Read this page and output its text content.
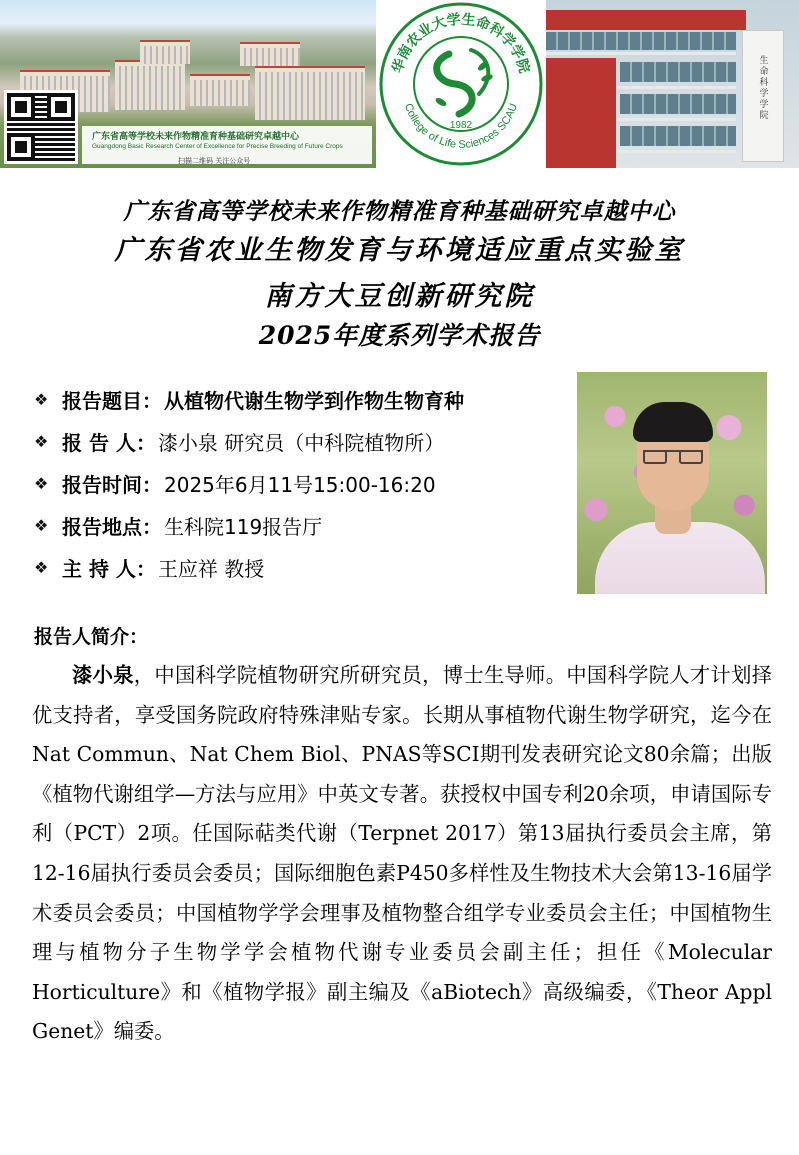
广东省高等学校未来作物精准育种基础研究卓越中心
Guangdong Basic Research Center of Excellence for Precise Breeding of Future Crops
扫描二维码 关注公众号
华南农业大学生命科学学院
College of Life Sciences SCAU
1982
生命科学学院
广东省高等学校未来作物精准育种基础研究卓越中心
广东省农业生物发育与环境适应重点实验室
南方大豆创新研究院
2025年度系列学术报告
❖ 报告题目 ： 从植物代谢生物学到作物生物育种
❖ 报 告 人 ： 漆小泉 研究员（中科院植物所）
❖ 报告时间 ： 2025年6月11号15:00-16:20
❖ 报告地点 ： 生科院119报告厅
❖ 主 持 人 ： 王应祥 教授
报告人简介：
漆小泉，中国科学院植物研究所研究员，博士生导师。中国科学院人才计划择优支持者，享受国务院政府特殊津贴专家。长期从事植物代谢生物学研究，迄今在Nat Commun、Nat Chem Biol、PNAS等SCI期刊发表研究论文80余篇；出版《植物代谢组学—方法与应用》中英文专著。获授权中国专利20余项，申请国际专利（PCT）2项。任国际萜类代谢（Terpnet 2017）第13届执行委员会主席，第12-16届执行委员会委员；国际细胞色素P450多样性及生物技术大会第13-16届学术委员会委员；中国植物学学会理事及植物整合组学专业委员会主任；中国植物生理与植物分子生物学学会植物代谢专业委员会副主任；担任《Molecular Horticulture》和《植物学报》副主编及《aBiotech》高级编委，《Theor Appl Genet》编委。
